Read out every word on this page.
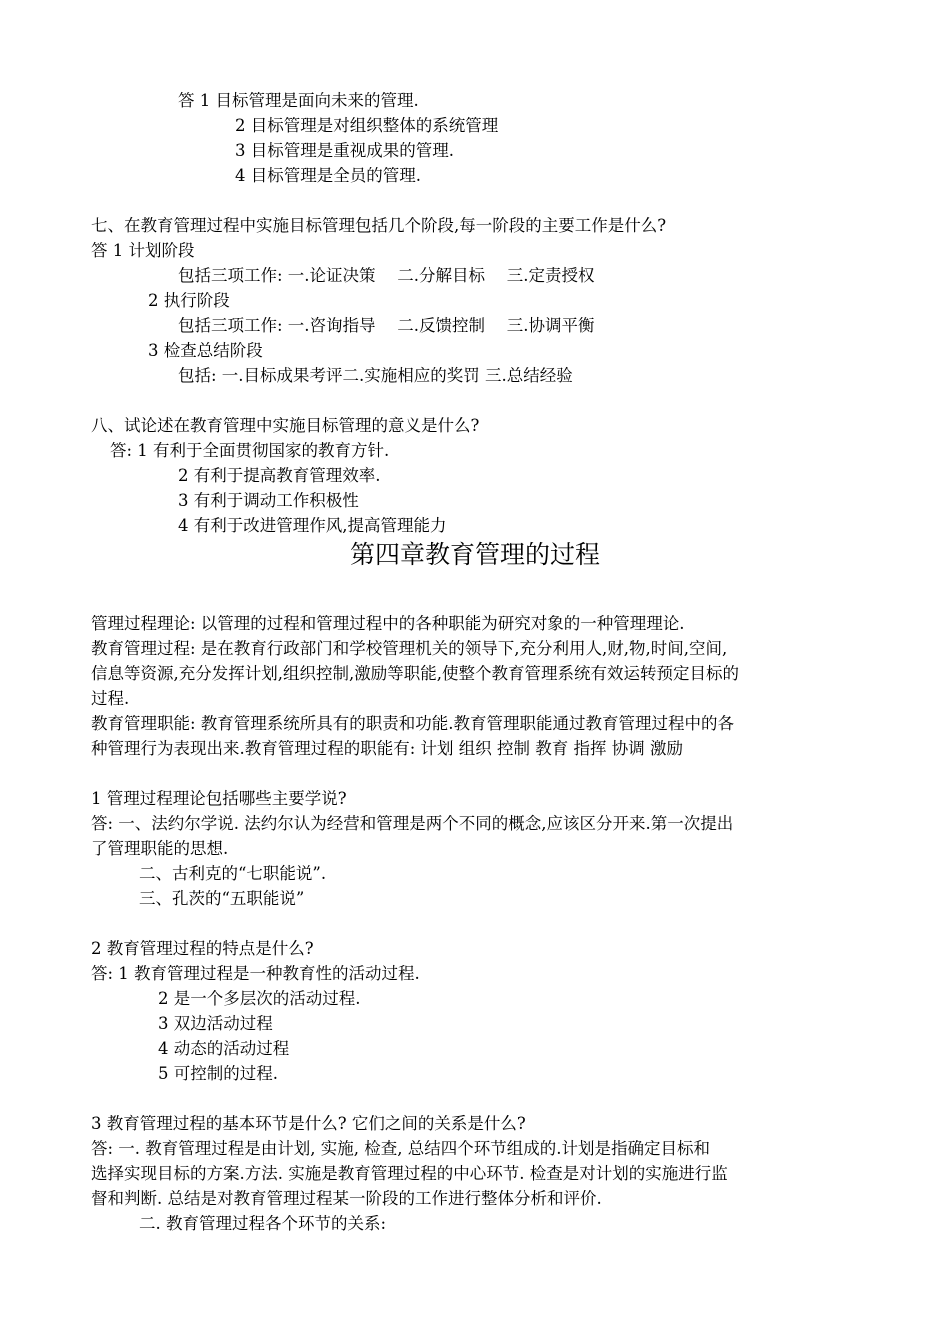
答 1 目标管理是面向未来的管理.
2 目标管理是对组织整体的系统管理
3 目标管理是重视成果的管理.
4 目标管理是全员的管理.
七、在教育管理过程中实施目标管理包括几个阶段,每一阶段的主要工作是什么?
答 1 计划阶段
包括三项工作: 一.论证决策　 二.分解目标　 三.定责授权
2 执行阶段
包括三项工作: 一.咨询指导　 二.反馈控制　 三.协调平衡
3 检查总结阶段
包括: 一.目标成果考评二.实施相应的奖罚 三.总结经验
八、试论述在教育管理中实施目标管理的意义是什么?
答: 1 有利于全面贯彻国家的教育方针.
2 有利于提高教育管理效率.
3 有利于调动工作积极性
4 有利于改进管理作风,提高管理能力
第四章教育管理的过程
管理过程理论: 以管理的过程和管理过程中的各种职能为研究对象的一种管理理论.
教育管理过程: 是在教育行政部门和学校管理机关的领导下,充分利用人,财,物,时间,空间,
信息等资源,充分发挥计划,组织控制,激励等职能,使整个教育管理系统有效运转预定目标的
过程.
教育管理职能: 教育管理系统所具有的职责和功能.教育管理职能通过教育管理过程中的各
种管理行为表现出来.教育管理过程的职能有: 计划 组织 控制 教育 指挥 协调 激励
1 管理过程理论包括哪些主要学说?
答: 一、法约尔学说. 法约尔认为经营和管理是两个不同的概念,应该区分开来.第一次提出
了管理职能的思想.
二、古利克的“七职能说”.
三、孔茨的“五职能说”
2 教育管理过程的特点是什么?
答: 1 教育管理过程是一种教育性的活动过程.
2 是一个多层次的活动过程.
3 双边活动过程
4 动态的活动过程
5 可控制的过程.
3 教育管理过程的基本环节是什么? 它们之间的关系是什么?
答: 一. 教育管理过程是由计划, 实施, 检查, 总结四个环节组成的.计划是指确定目标和
选择实现目标的方案.方法. 实施是教育管理过程的中心环节. 检查是对计划的实施进行监
督和判断. 总结是对教育管理过程某一阶段的工作进行整体分析和评价.
二. 教育管理过程各个环节的关系:
